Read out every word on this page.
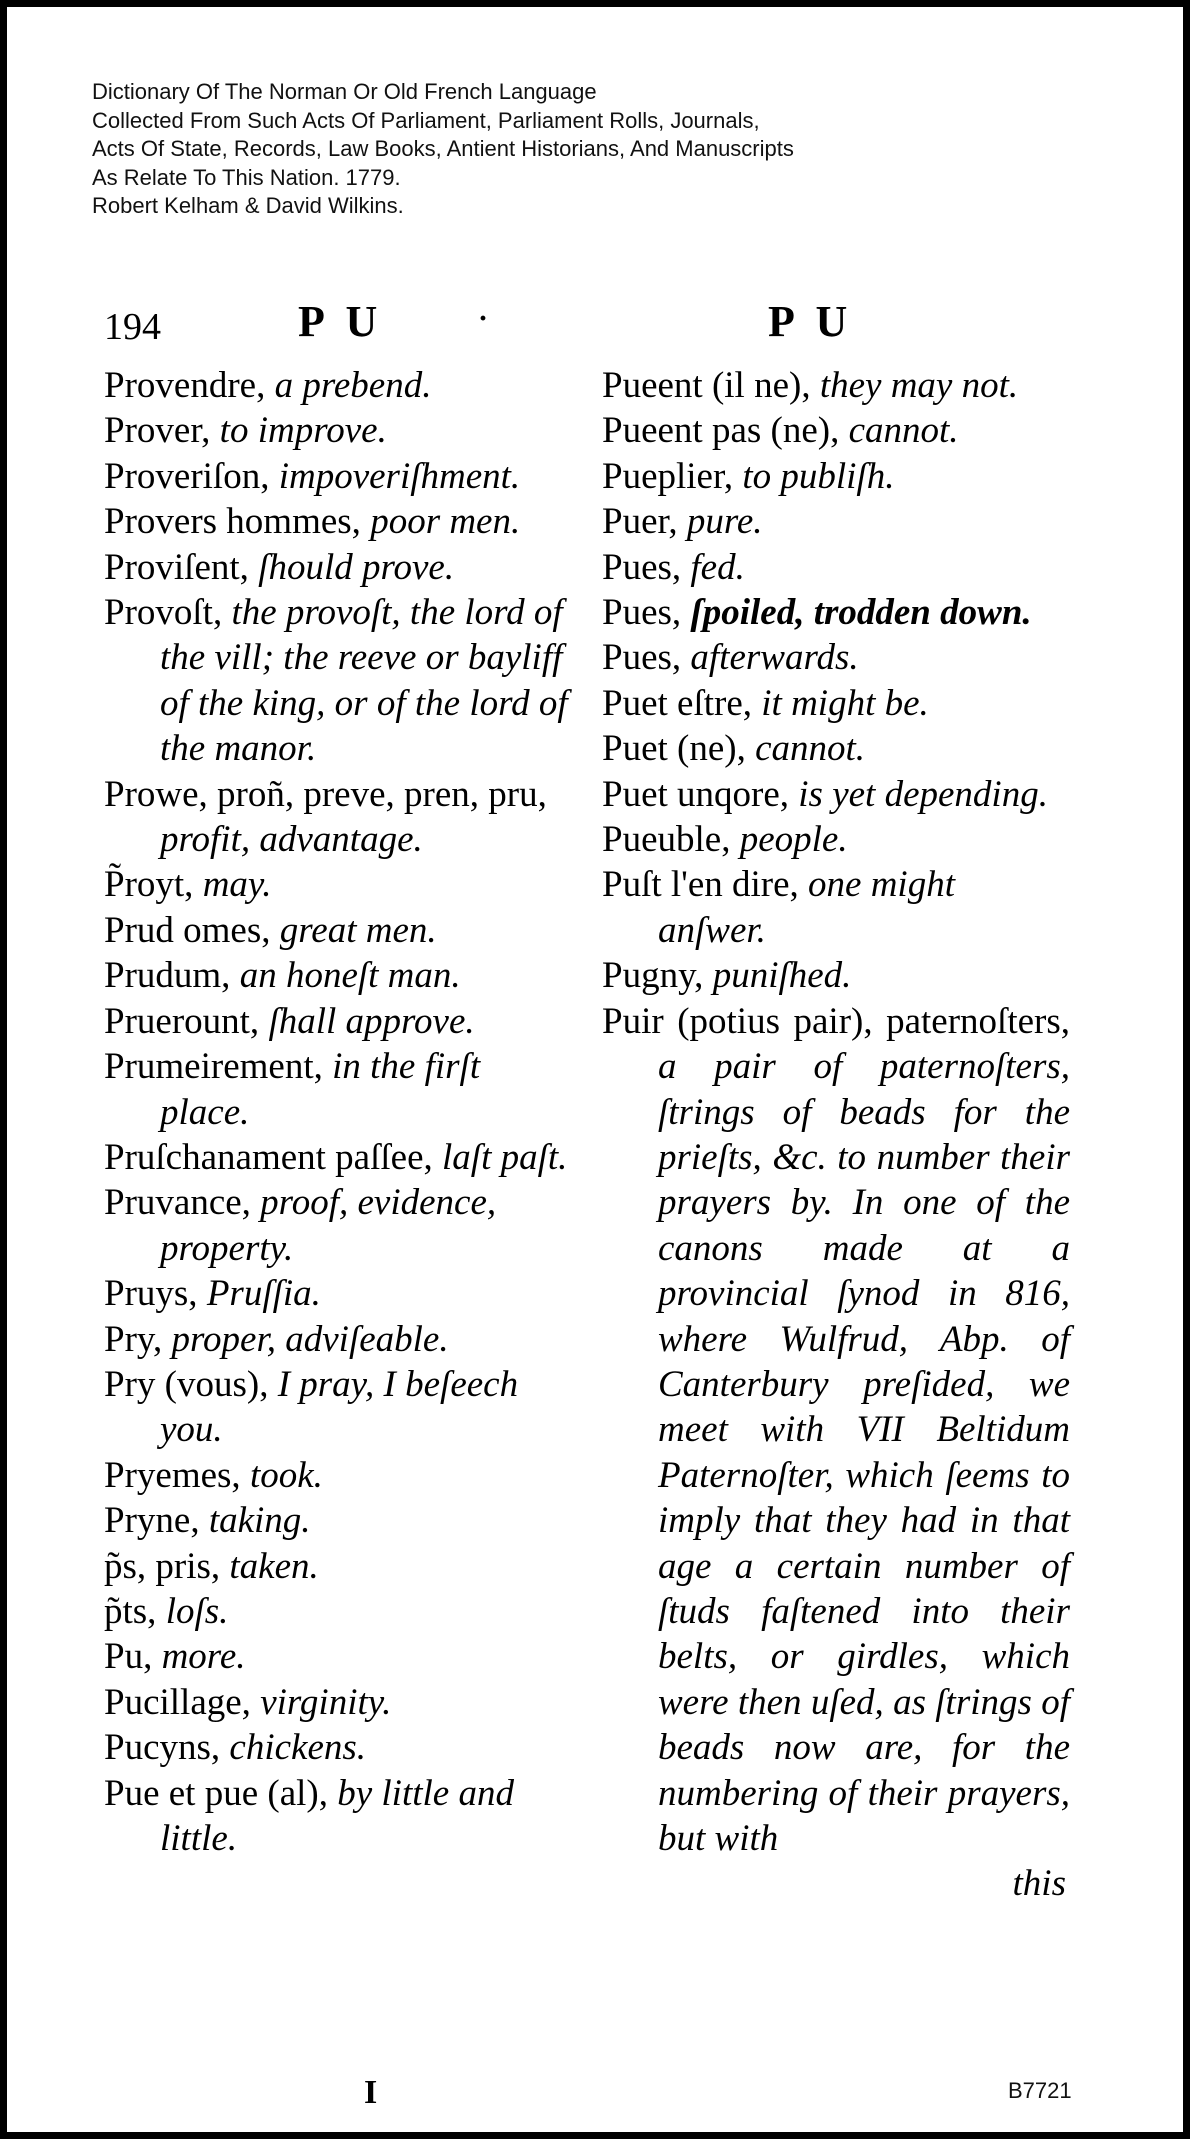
Dictionary Of The Norman Or Old French Language
Collected From Such Acts Of Parliament, Parliament Rolls, Journals,
Acts Of State, Records, Law Books, Antient Historians, And Manuscripts
As Relate To This Nation. 1779.
Robert Kelham & David Wilkins.
194	P U	·	P U
Provendre, a prebend.
Prover, to improve.
Proveriſon, impoveriſhment.
Provers hommes, poor men.
Proviſent, ſhould prove.
Provoſt, the provoſt, the lord of the vill; the reeve or bayliff of the king, or of the lord of the manor.
Prowe, proñ, preve, pren, pru, profit, advantage.
P̃royt, may.
Prud omes, great men.
Prudum, an honeſt man.
Pruerount, ſhall approve.
Prumeirement, in the firſt place.
Pruſchanament paſſee, laſt paſt.
Pruvance, proof, evidence, property.
Pruys, Pruſſia.
Pry, proper, adviſeable.
Pry (vous), I pray, I beſeech you.
Pryemes, took.
Pryne, taking.
p̃s, pris, taken.
p̃ts, loſs.
Pu, more.
Pucillage, virginity.
Pucyns, chickens.
Pue et pue (al), by little and little.
Pueent (il ne), they may not.
Pueent pas (ne), cannot.
Pueplier, to publiſh.
Puer, pure.
Pues, fed.
Pues, ſpoiled, trodden down.
Pues, afterwards.
Puet eſtre, it might be.
Puet (ne), cannot.
Puet unqore, is yet depending.
Pueuble, people.
Puſt l'en dire, one might anſwer.
Pugny, puniſhed.
Puir (potius pair), paternoſters, a pair of paternoſters, ſtrings of beads for the prieſts, &c. to number their prayers by. In one of the canons made at a provincial ſynod in 816, where Wulfrud, Abp. of Canterbury preſided, we meet with VII Beltidum Paternoſter, which ſeems to imply that they had in that age a certain number of ſtuds faſtened into their belts, or girdles, which were then uſed, as ſtrings of beads now are, for the numbering of their prayers, but with
this
I	B7721
